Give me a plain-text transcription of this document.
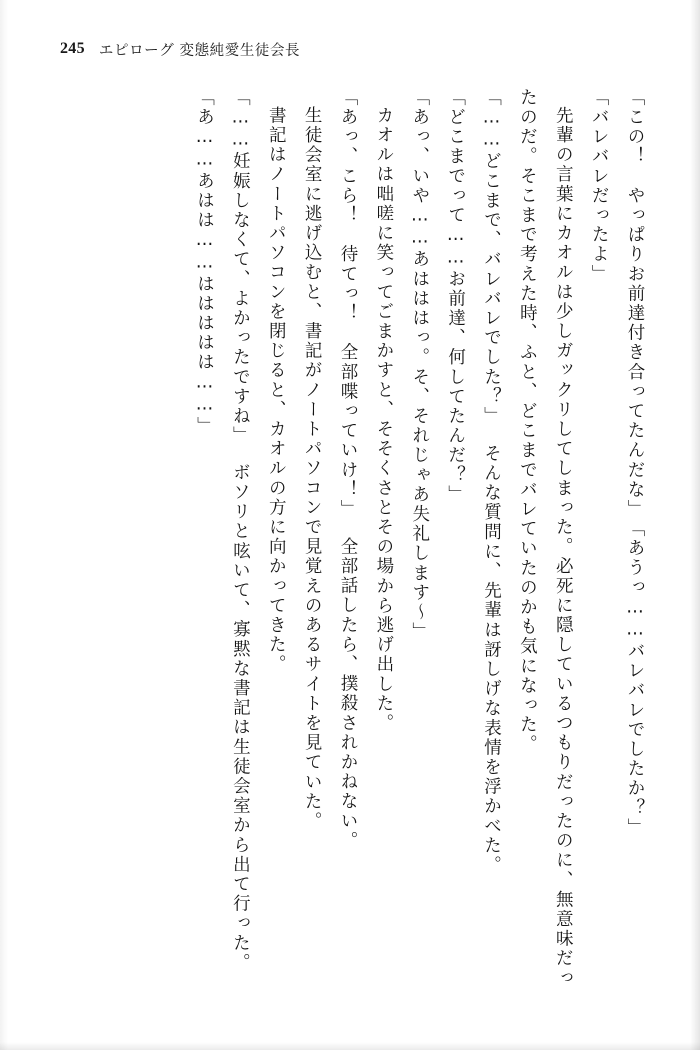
245 エピローグ 変態純愛生徒会長

「この！　やっぱりお前達付き合ってたんだな」

「あうっ……バレバレでしたか？」

「バレバレだったよ」

先輩の言葉にカオルは少しガックリしてしまった。必死に隠しているつもりだったのに、無意味だったのだ。そこまで考えた時、ふと、どこまでバレていたのかも気になった。

「……どこまで、バレバレでした？」

そんな質問に、先輩は訝しげな表情を浮かべた。

「どこまでって……お前達、何してたんだ？」

「あっ、いや……あはははっ。そ、それじゃあ失礼します〜」

カオルは咄嗟に笑ってごまかすと、そそくさとその場から逃げ出した。

「あっ、こら！　待てっ！　全部喋っていけ！」

全部話したら、撲殺されかねない。

生徒会室に逃げ込むと、書記がノートパソコンで見覚えのあるサイトを見ていた。

書記はノートパソコンを閉じると、カオルの方に向かってきた。

「……妊娠しなくて、よかったですね」

ボソリと呟いて、寡黙な書記は生徒会室から出て行った。

「あ……あはは……ははははは……」
